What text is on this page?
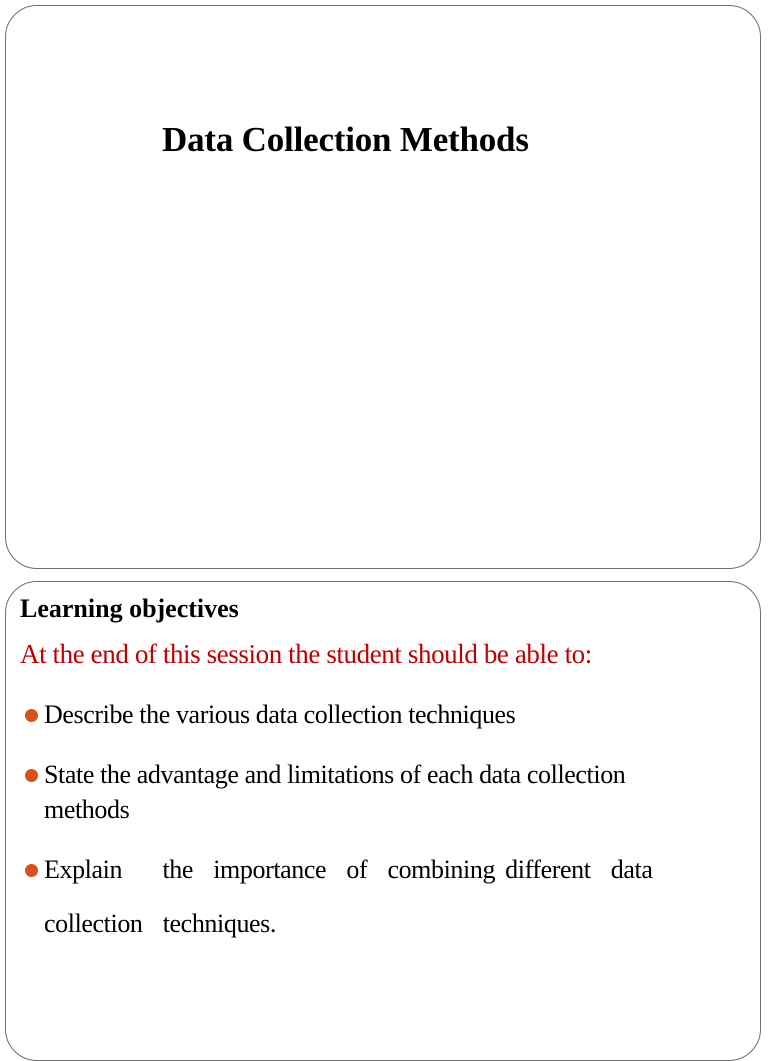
Data Collection Methods
Learning objectives

At the end of this session the student should be able to:

Describe the various data collection techniques
State the advantage and limitations of each data collection
methods
Explain    the  importance  of  combining different  data
collection  techniques.
